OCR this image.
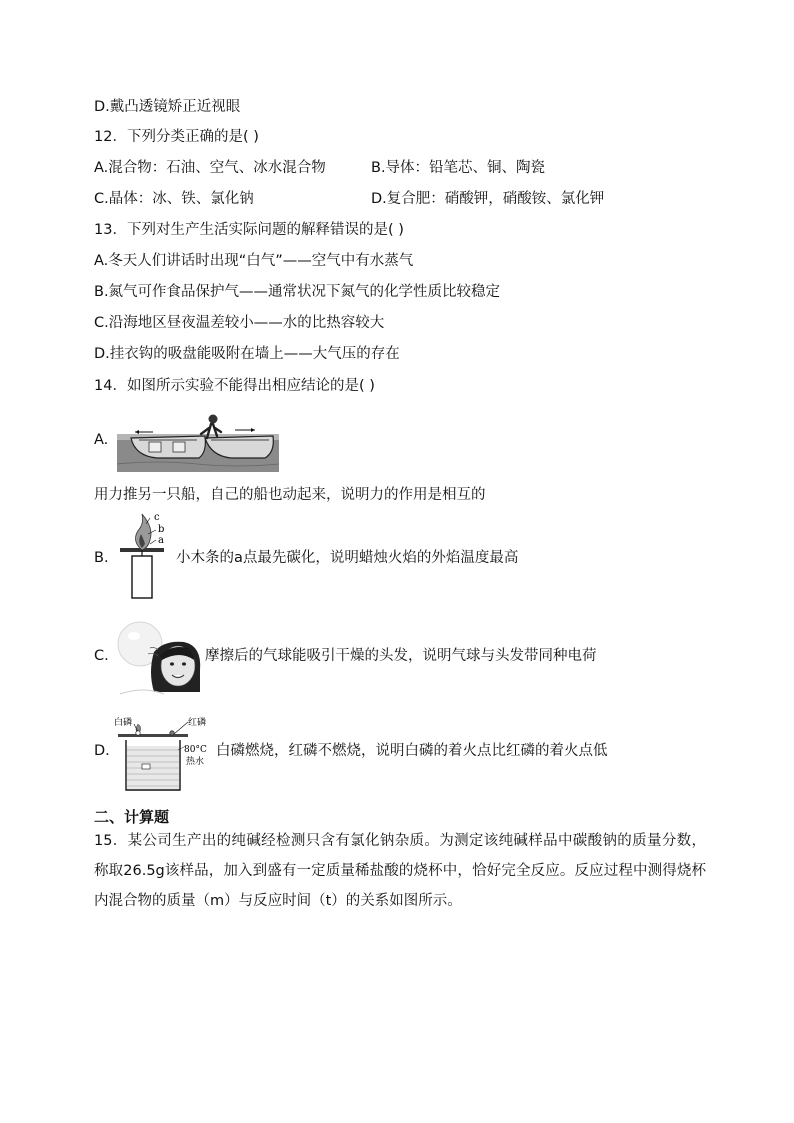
D.戴凸透镜矫正近视眼
12．下列分类正确的是( )
A.混合物：石油、空气、冰水混合物	B.导体：铅笔芯、铜、陶瓷
C.晶体：冰、铁、氯化钠	D.复合肥：硝酸钾，硝酸铵、氯化钾
13．下列对生产生活实际问题的解释错误的是( )
A.冬天人们讲话时出现“白气”——空气中有水蒸气
B.氮气可作食品保护气——通常状况下氮气的化学性质比较稳定
C.沿海地区昼夜温差较小——水的比热容较大
D.挂衣钩的吸盘能吸附在墙上——大气压的存在
14．如图所示实验不能得出相应结论的是( )
A.
用力推另一只船，自己的船也动起来，说明力的作用是相互的
B.
c
b
a
小木条的a点最先碳化，说明蜡烛火焰的外焰温度最高
C.	摩擦后的气球能吸引干燥的头发，说明气球与头发带同种电荷
D.
白磷	红磷
80°C
热水
白磷燃烧，红磷不燃烧，说明白磷的着火点比红磷的着火点低
二、计算题
15．某公司生产出的纯碱经检测只含有氯化钠杂质。为测定该纯碱样品中碳酸钠的质量分数，称取26.5g该样品，加入到盛有一定质量稀盐酸的烧杯中，恰好完全反应。反应过程中测得烧杯内混合物的质量（m）与反应时间（t）的关系如图所示。
